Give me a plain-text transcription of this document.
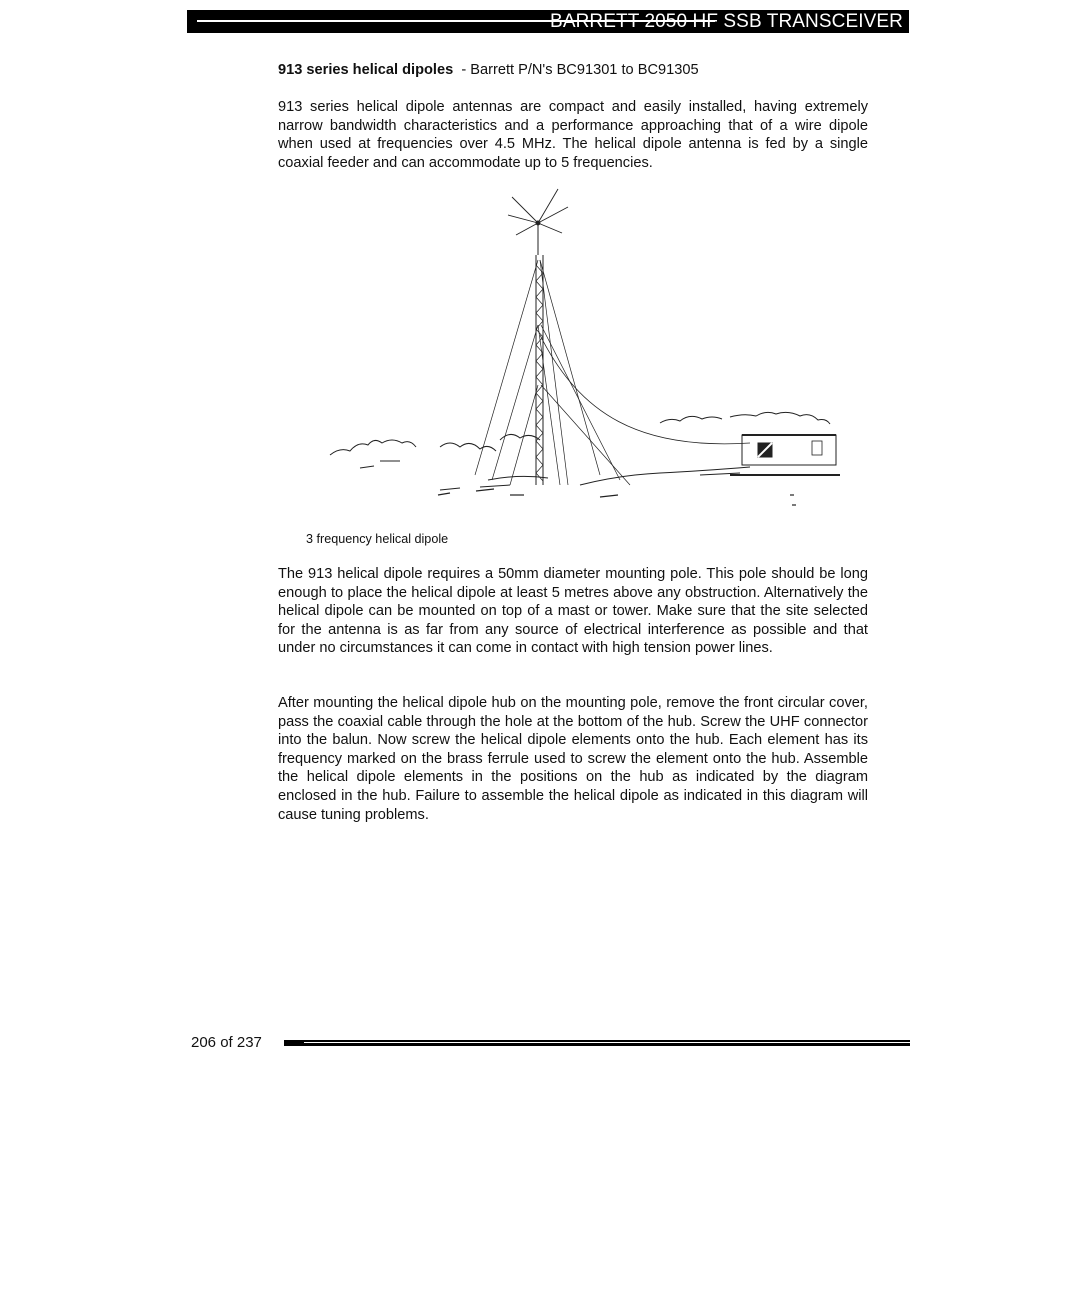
BARRETT 2050 HF SSB TRANSCEIVER
913 series helical dipoles - Barrett P/N's BC91301 to BC91305

913 series helical dipole antennas are compact and easily installed, having extremely narrow bandwidth characteristics and a performance approaching that of a wire dipole when used at frequencies over 4.5 MHz. The helical dipole antenna is fed by a single coaxial feeder and can accommodate up to 5 frequencies.

3 frequency helical dipole

The 913 helical dipole requires a 50mm diameter mounting pole. This pole should be long enough to place the helical dipole at least 5 metres above any obstruction. Alternatively the helical dipole can be mounted on top of a mast or tower. Make sure that the site selected for the antenna is as far from any source of electrical interference as possible and that under no circumstances it can come in contact with high tension power lines.

After mounting the helical dipole hub on the mounting pole, remove the front circular cover, pass the coaxial cable through the hole at the bottom of the hub. Screw the UHF connector into the balun. Now screw the helical dipole elements onto the hub. Each element has its frequency marked on the brass ferrule used to screw the element onto the hub. Assemble the helical dipole elements in the positions on the hub as indicated by the diagram enclosed in the hub. Failure to assemble the helical dipole as indicated in this diagram will cause tuning problems.

206 of 237
